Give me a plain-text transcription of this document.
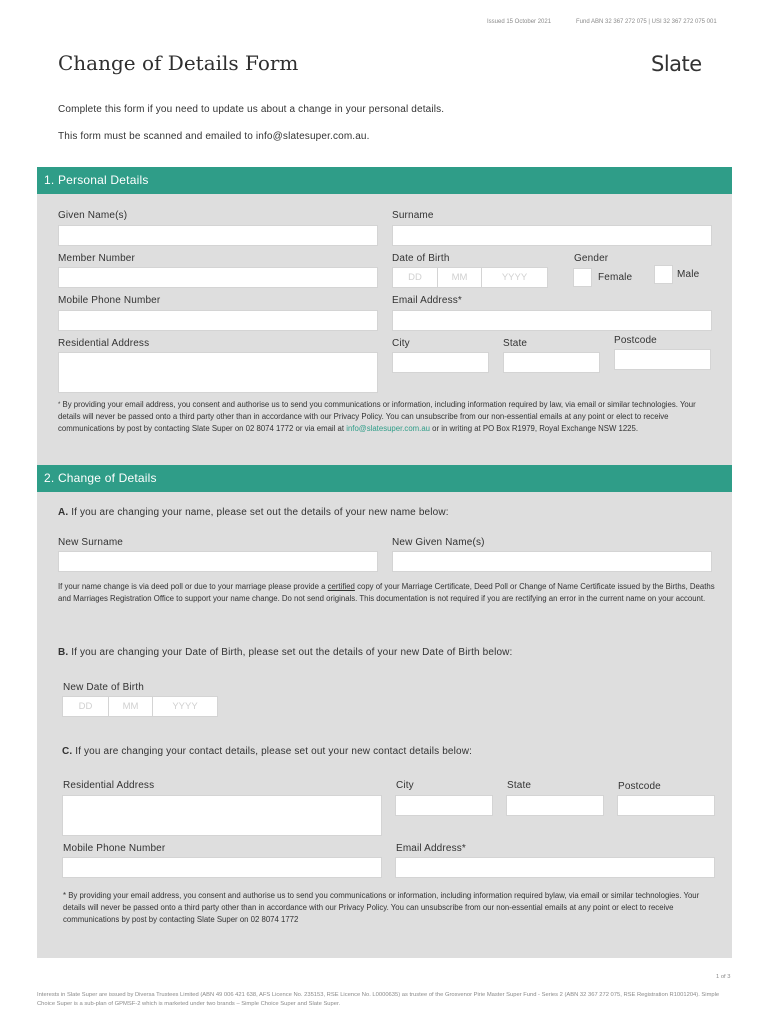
Issued 15 October 2021	Fund ABN 32 367 272 075 | USI 32 367 272 075 001
Change of Details Form	Slate
Complete this form if you need to update us about a change in your personal details.
This form must be scanned and emailed to info@slatesuper.com.au.
1. Personal Details
Given Name(s)	Surname
Member Number	Date of Birth
DD	MM	YYYY
Gender
Female	Male
Mobile Phone Number	Email Address*
Residential Address	City	State	Postcode
* By providing your email address, you consent and authorise us to send you communications or information, including information required by law, via email or similar technologies. Your details will never be passed onto a third party other than in accordance with our Privacy Policy. You can unsubscribe from our non-essential emails at any point or elect to receive communications by post by contacting Slate Super on 02 8074 1772 or via email at info@slatesuper.com.au or in writing at PO Box R1979, Royal Exchange NSW 1225.
2. Change of Details
A. If you are changing your name, please set out the details of your new name below:
New Surname	New Given Name(s)
If your name change is via deed poll or due to your marriage please provide a certified copy of your Marriage Certificate, Deed Poll or Change of Name Certificate issued by the Births, Deaths and Marriages Registration Office to support your name change. Do not send originals. This documentation is not required if you are rectifying an error in the current name on your account.
B. If you are changing your Date of Birth, please set out the details of your new Date of Birth below:
New Date of Birth
DD	MM	YYYY
C. If you are changing your contact details, please set out your new contact details below:
Residential Address	City	State	Postcode
Mobile Phone Number	Email Address*
* By providing your email address, you consent and authorise us to send you communications or information, including information required bylaw, via email or similar technologies. Your details will never be passed onto a third party other than in accordance with our Privacy Policy. You can unsubscribe from our non-essential emails at any point or elect to receive communications by post by contacting Slate Super on 02 8074 1772
1 of 3
Interests in Slate Super are issued by Diversa Trustees Limited (ABN 49 006 421 638, AFS Licence No. 235153, RSE Licence No. L0000635) as trustee of the Grosvenor Pirie Master Super Fund - Series 2 (ABN 32 367 272 075, RSE Registration R1001204). Simple Choice Super is a sub-plan of GPMSF-2 which is marketed under two brands – Simple Choice Super and Slate Super.
